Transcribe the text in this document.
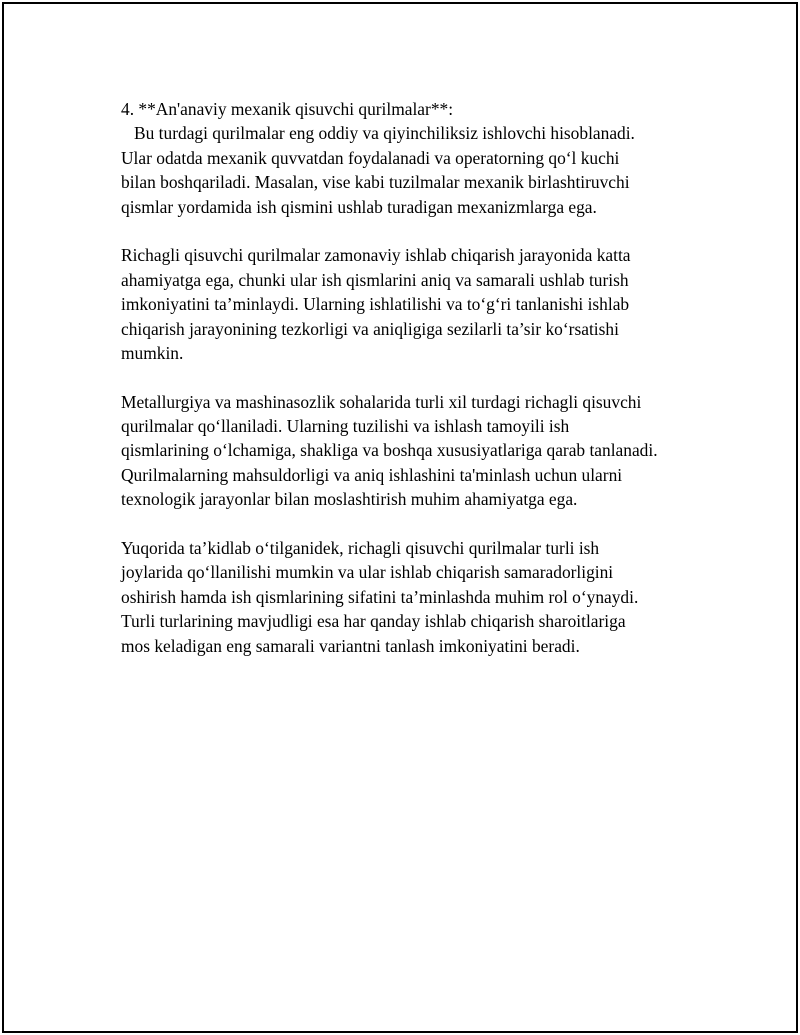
4. **An'anaviy mexanik qisuvchi qurilmalar**:
Bu turdagi qurilmalar eng oddiy va qiyinchiliksiz ishlovchi hisoblanadi.
Ular odatda mexanik quvvatdan foydalanadi va operatorning qo‘l kuchi
bilan boshqariladi. Masalan, vise kabi tuzilmalar mexanik birlashtiruvchi
qismlar yordamida ish qismini ushlab turadigan mexanizmlarga ega.
Richagli qisuvchi qurilmalar zamonaviy ishlab chiqarish jarayonida katta
ahamiyatga ega, chunki ular ish qismlarini aniq va samarali ushlab turish
imkoniyatini ta’minlaydi. Ularning ishlatilishi va to‘g‘ri tanlanishi ishlab
chiqarish jarayonining tezkorligi va aniqligiga sezilarli ta’sir ko‘rsatishi
mumkin.
Metallurgiya va mashinasozlik sohalarida turli xil turdagi richagli qisuvchi
qurilmalar qo‘llaniladi. Ularning tuzilishi va ishlash tamoyili ish
qismlarining o‘lchamiga, shakliga va boshqa xususiyatlariga qarab tanlanadi.
Qurilmalarning mahsuldorligi va aniq ishlashini ta'minlash uchun ularni
texnologik jarayonlar bilan moslashtirish muhim ahamiyatga ega.
Yuqorida ta’kidlab o‘tilganidek, richagli qisuvchi qurilmalar turli ish
joylarida qo‘llanilishi mumkin va ular ishlab chiqarish samaradorligini
oshirish hamda ish qismlarining sifatini ta’minlashda muhim rol o‘ynaydi.
Turli turlarining mavjudligi esa har qanday ishlab chiqarish sharoitlariga
mos keladigan eng samarali variantni tanlash imkoniyatini beradi.
